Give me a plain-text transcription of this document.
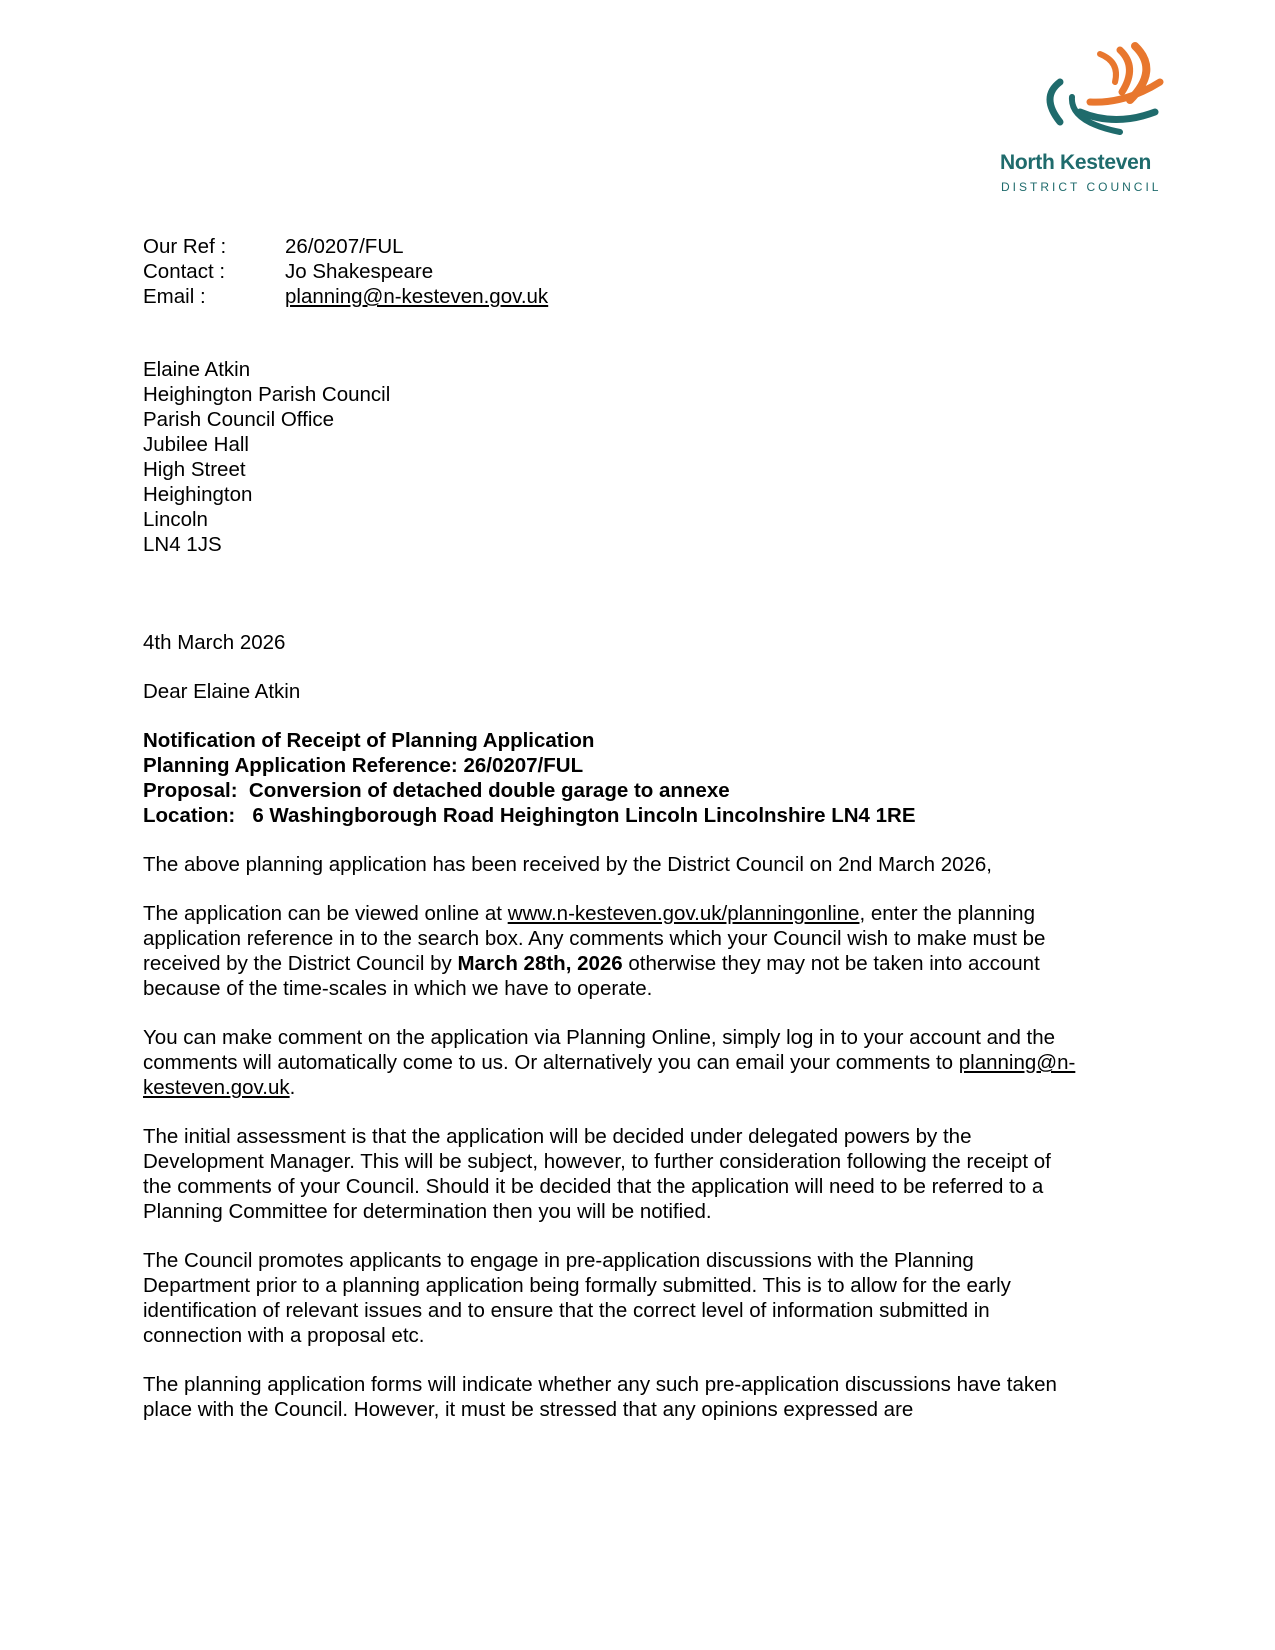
North Kesteven
DISTRICT COUNCIL
Our Ref :	26/0207/FUL
Contact :	Jo Shakespeare
Email :	planning@n-kesteven.gov.uk
Elaine Atkin
Heighington Parish Council
Parish Council Office
Jubilee Hall
High Street
Heighington
Lincoln
LN4 1JS

4th March 2026

Dear Elaine Atkin

Notification of Receipt of Planning Application
Planning Application Reference: 26/0207/FUL
Proposal:  Conversion of detached double garage to annexe
Location:   6 Washingborough Road Heighington Lincoln Lincolnshire LN4 1RE

The above planning application has been received by the District Council on 2nd March 2026,

The application can be viewed online at www.n-kesteven.gov.uk/planningonline, enter the planning application reference in to the search box. Any comments which your Council wish to make must be received by the District Council by March 28th, 2026 otherwise they may not be taken into account because of the time-scales in which we have to operate.

You can make comment on the application via Planning Online, simply log in to your account and the comments will automatically come to us. Or alternatively you can email your comments to planning@n-kesteven.gov.uk.

The initial assessment is that the application will be decided under delegated powers by the Development Manager. This will be subject, however, to further consideration following the receipt of the comments of your Council. Should it be decided that the application will need to be referred to a Planning Committee for determination then you will be notified.

The Council promotes applicants to engage in pre-application discussions with the Planning Department prior to a planning application being formally submitted. This is to allow for the early identification of relevant issues and to ensure that the correct level of information submitted in connection with a proposal etc.

The planning application forms will indicate whether any such pre-application discussions have taken place with the Council. However, it must be stressed that any opinions expressed are
